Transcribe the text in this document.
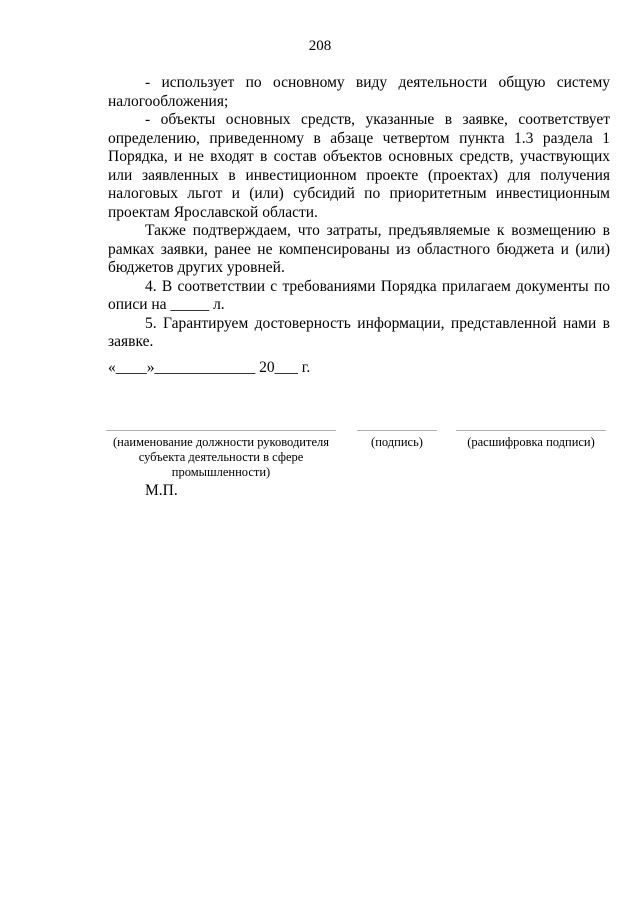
208

- использует по основному виду деятельности общую систему налогообложения;

- объекты основных средств, указанные в заявке, соответствует определению, приведенному в абзаце четвертом пункта 1.3 раздела 1 Порядка, и не входят в состав объектов основных средств, участвующих или заявленных в инвестиционном проекте (проектах) для получения налоговых льгот и (или) субсидий по приоритетным инвестиционным проектам Ярославской области.

Также подтверждаем, что затраты, предъявляемые к возмещению в рамках заявки, ранее не компенсированы из областного бюджета и (или) бюджетов других уровней.

4. В соответствии с требованиями Порядка прилагаем документы по описи на _____ л.

5. Гарантируем достоверность информации, представленной нами в заявке.

«____»_____________ 20___ г.
(наименование должности руководителя субъекта деятельности в сфере промышленности)
(подпись)	(расшифровка подписи)
М.П.
